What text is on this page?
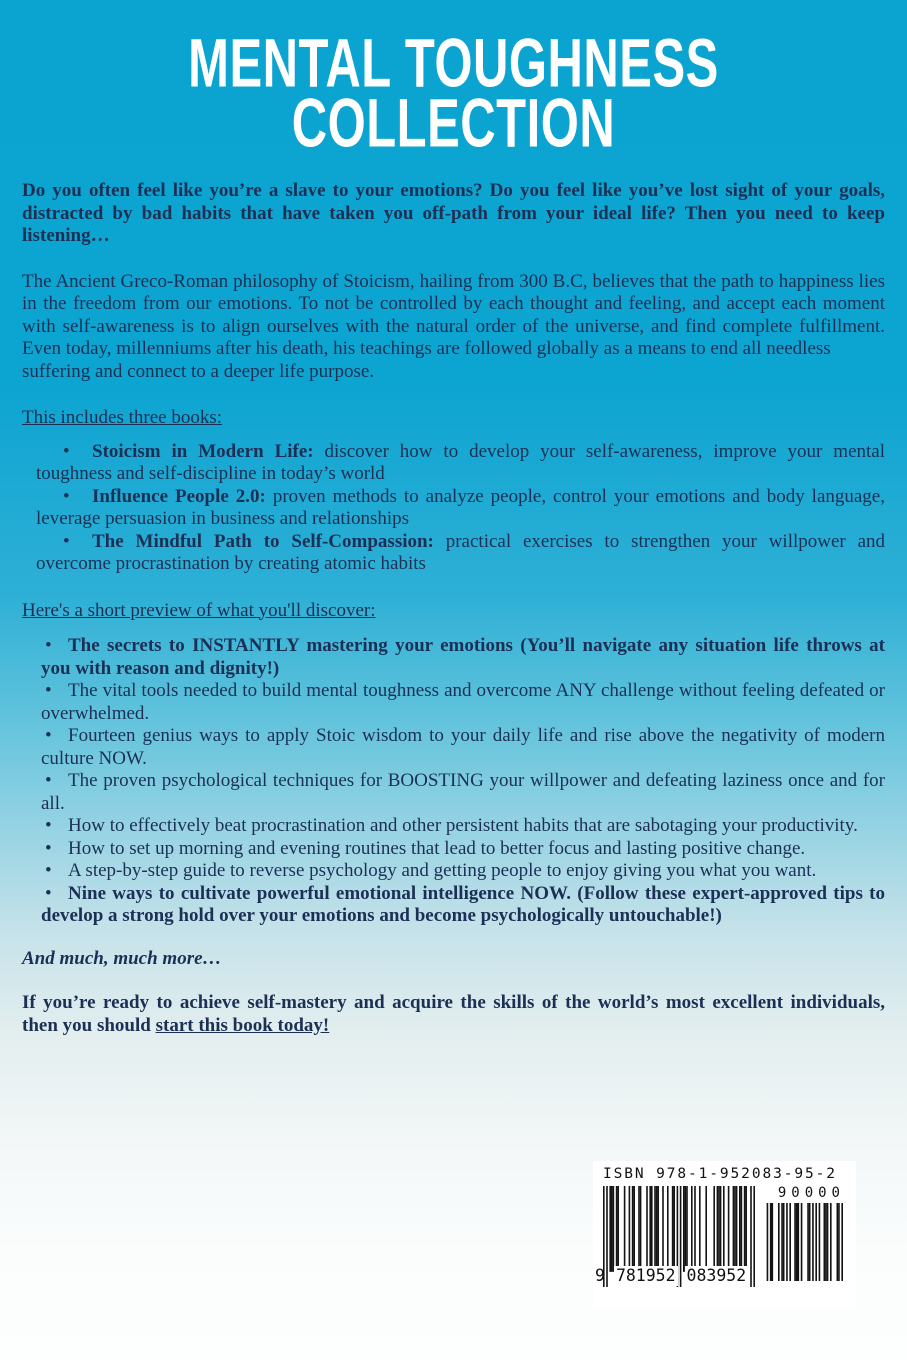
MENTAL TOUGHNESS
COLLECTION

Do you often feel like you’re a slave to your emotions? Do you feel like you’ve lost sight of your goals, distracted by bad habits that have taken you off-path from your ideal life? Then you need to keep listening…

The Ancient Greco-Roman philosophy of Stoicism, hailing from 300 B.C, believes that the path to happiness lies in the freedom from our emotions. To not be controlled by each thought and feeling, and accept each moment with self-awareness is to align ourselves with the natural order of the universe, and find complete fulfillment. Even today, millenniums after his death, his teachings are followed globally as a means to end all needless
suffering and connect to a deeper life purpose.

This includes three books:

• Stoicism in Modern Life: discover how to develop your self-awareness, improve your mental toughness and self-discipline in today’s world
• Influence People 2.0: proven methods to analyze people, control your emotions and body language, leverage persuasion in business and relationships
• The Mindful Path to Self-Compassion: practical exercises to strengthen your willpower and overcome procrastination by creating atomic habits

Here's a short preview of what you'll discover:

• The secrets to INSTANTLY mastering your emotions (You’ll navigate any situation life throws at you with reason and dignity!)
• The vital tools needed to build mental toughness and overcome ANY challenge without feeling defeated or overwhelmed.
• Fourteen genius ways to apply Stoic wisdom to your daily life and rise above the negativity of modern culture NOW.
• The proven psychological techniques for BOOSTING your willpower and defeating laziness once and for all.
• How to effectively beat procrastination and other persistent habits that are sabotaging your productivity.
• How to set up morning and evening routines that lead to better focus and lasting positive change.
• A step-by-step guide to reverse psychology and getting people to enjoy giving you what you want.
• Nine ways to cultivate powerful emotional intelligence NOW. (Follow these expert-approved tips to develop a strong hold over your emotions and become psychologically untouchable!)

And much, much more…

If you’re ready to achieve self-mastery and acquire the skills of the world’s most excellent individuals, then you should start this book today!

ISBN 978-1-952083-95-2
90000
9 781952 083952
